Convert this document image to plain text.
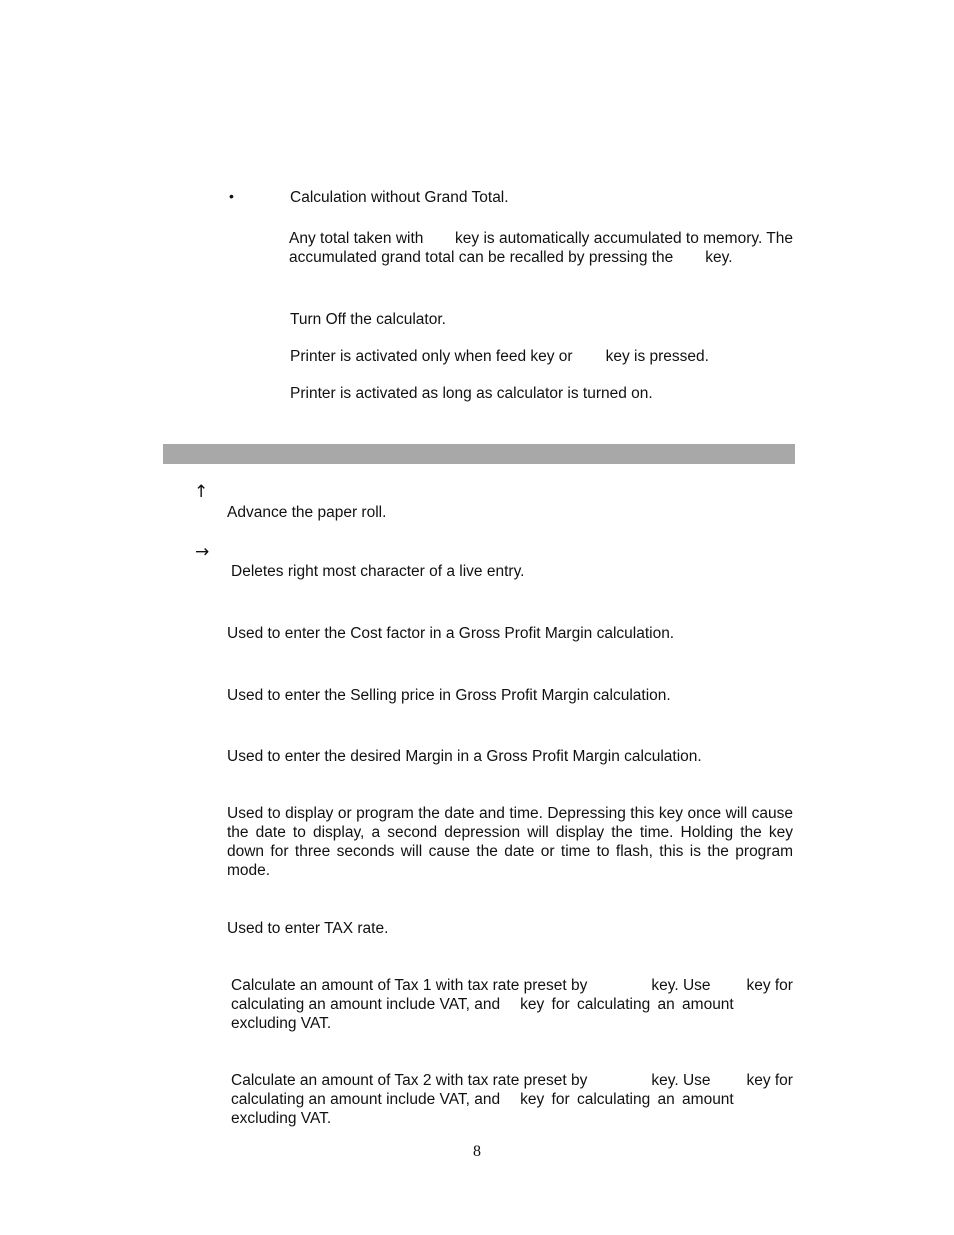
•	Calculation without Grand Total.
Any total taken with	key is automatically accumulated to memory. The
accumulated grand total can be recalled by pressing the key.
Turn Off the calculator.
Printer is activated only when feed key or key is pressed.
Printer is activated as long as calculator is turned on.
↑
Advance the paper roll.
→
Deletes right most character of a live entry.
Used to enter the Cost factor in a Gross Profit Margin calculation.
Used to enter the Selling price in Gross Profit Margin calculation.
Used to enter the desired Margin in a Gross Profit Margin calculation.
Used to display or program the date and time. Depressing this key once will cause the date to display, a second depression will display the time. Holding the key down for three seconds will cause the date or time to flash, this is the program mode.
Used to enter TAX rate.
Calculate an amount of Tax 1 with tax rate preset by	key. Use key for
calculating an amount include VAT, and key for calculating an amount
excluding VAT.
Calculate an amount of Tax 2 with tax rate preset by	key. Use key for
calculating an amount include VAT, and key for calculating an amount
excluding VAT.
8
